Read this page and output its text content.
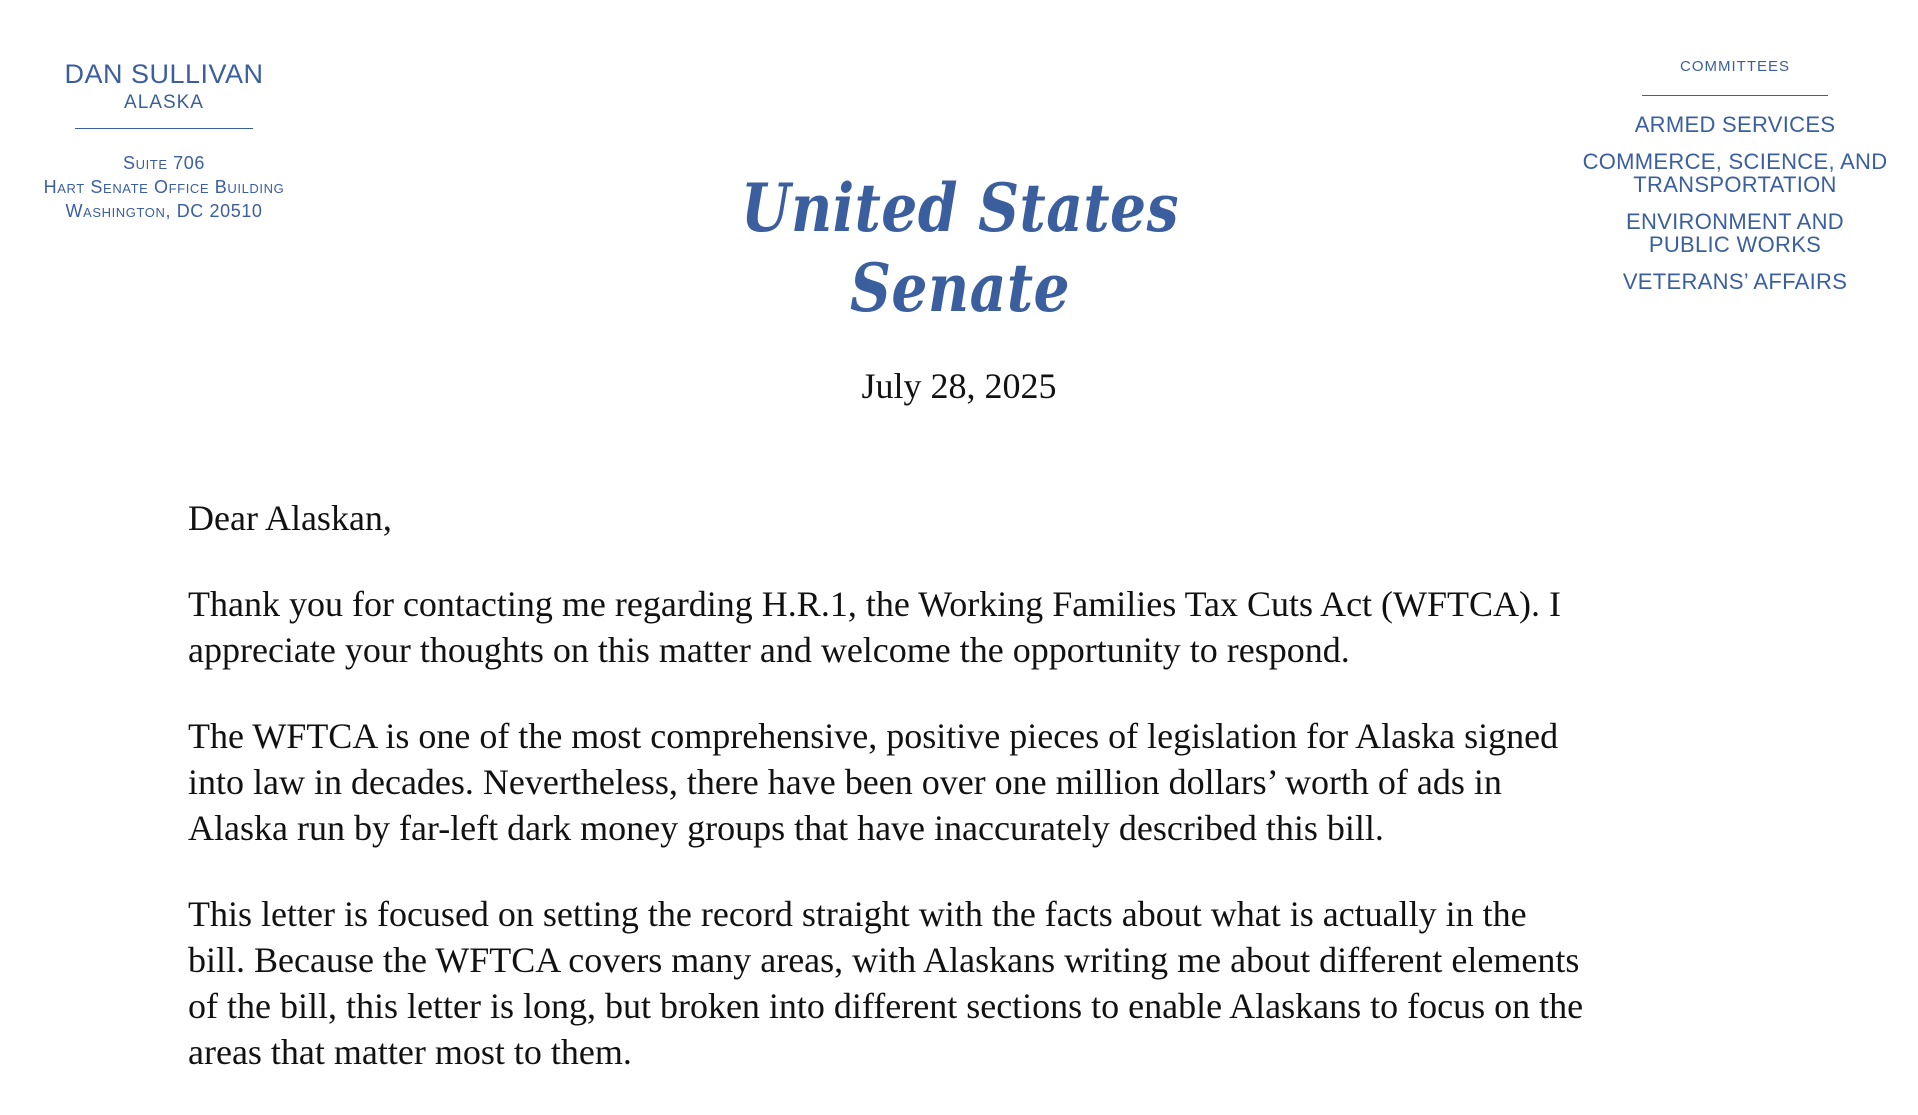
DAN SULLIVAN
ALASKA
Suite 706
Hart Senate Office Building
Washington, DC 20510	United States Senate
COMMITTEES
ARMED SERVICES
COMMERCE, SCIENCE, AND
TRANSPORTATION
ENVIRONMENT AND
PUBLIC WORKS
VETERANS’ AFFAIRS
July 28, 2025

Dear Alaskan,

Thank you for contacting me regarding H.R.1, the Working Families Tax Cuts Act (WFTCA). I
appreciate your thoughts on this matter and welcome the opportunity to respond.

The WFTCA is one of the most comprehensive, positive pieces of legislation for Alaska signed
into law in decades. Nevertheless, there have been over one million dollars’ worth of ads in
Alaska run by far-left dark money groups that have inaccurately described this bill.

This letter is focused on setting the record straight with the facts about what is actually in the
bill. Because the WFTCA covers many areas, with Alaskans writing me about different elements
of the bill, this letter is long, but broken into different sections to enable Alaskans to focus on the
areas that matter most to them.
